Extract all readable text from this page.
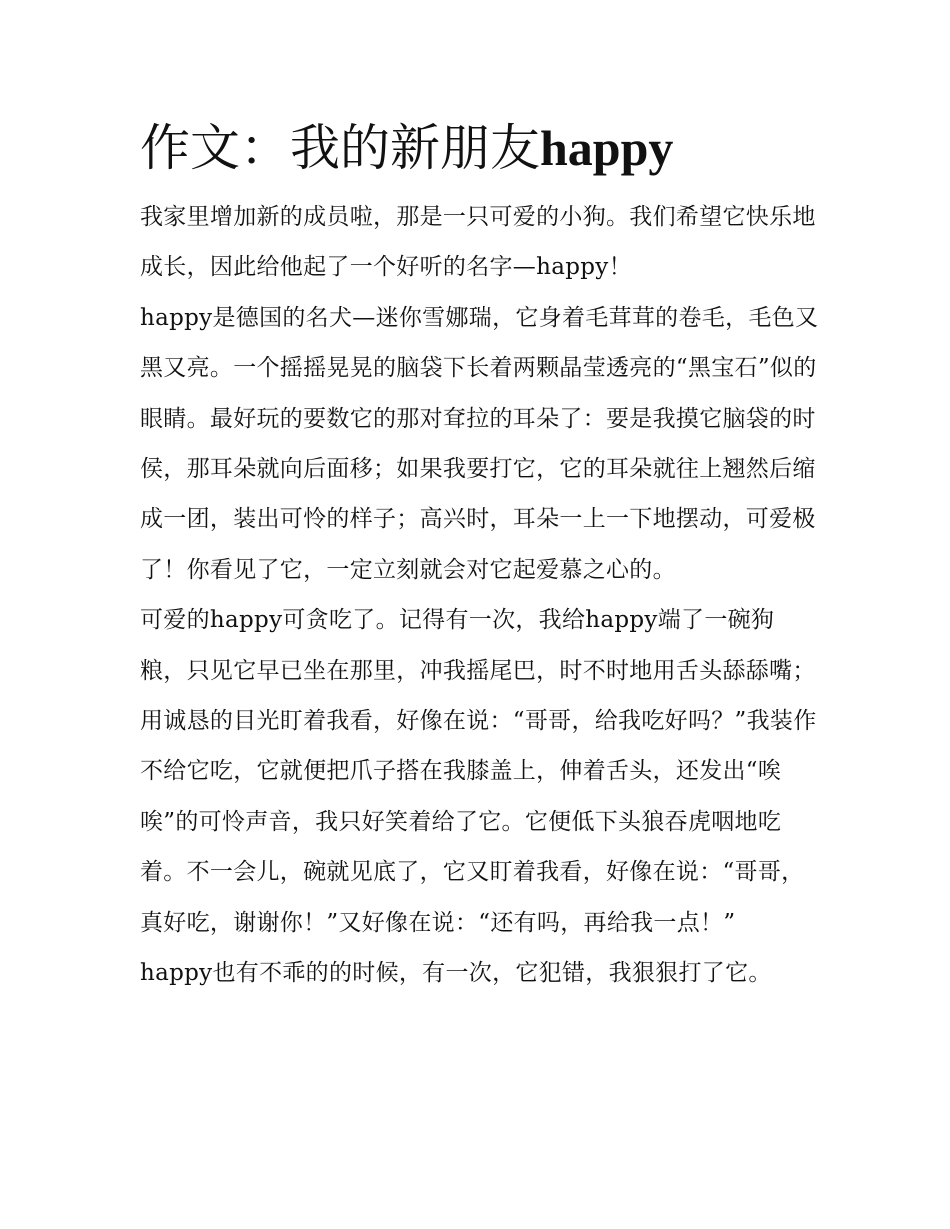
作文：我的新朋友happy

我家里增加新的成员啦，那是一只可爱的小狗。我们希望它快乐地成长，因此给他起了一个好听的名字—happy！

happy是德国的名犬—迷你雪娜瑞，它身着毛茸茸的卷毛，毛色又黑又亮。一个摇摇晃晃的脑袋下长着两颗晶莹透亮的“黑宝石”似的眼睛。最好玩的要数它的那对耷拉的耳朵了：要是我摸它脑袋的时侯，那耳朵就向后面移；如果我要打它，它的耳朵就往上翘然后缩成一团，装出可怜的样子；高兴时，耳朵一上一下地摆动，可爱极了！你看见了它，一定立刻就会对它起爱慕之心的。

可爱的happy可贪吃了。记得有一次，我给happy端了一碗狗粮，只见它早已坐在那里，冲我摇尾巴，时不时地用舌头舔舔嘴；用诚恳的目光盯着我看，好像在说：“哥哥，给我吃好吗？”我装作不给它吃，它就便把爪子搭在我膝盖上，伸着舌头，还发出“唉唉”的可怜声音，我只好笑着给了它。它便低下头狼吞虎咽地吃着。不一会儿，碗就见底了，它又盯着我看，好像在说：“哥哥，真好吃，谢谢你！”又好像在说：“还有吗，再给我一点！”

happy也有不乖的的时候，有一次，它犯错，我狠狠打了它。
